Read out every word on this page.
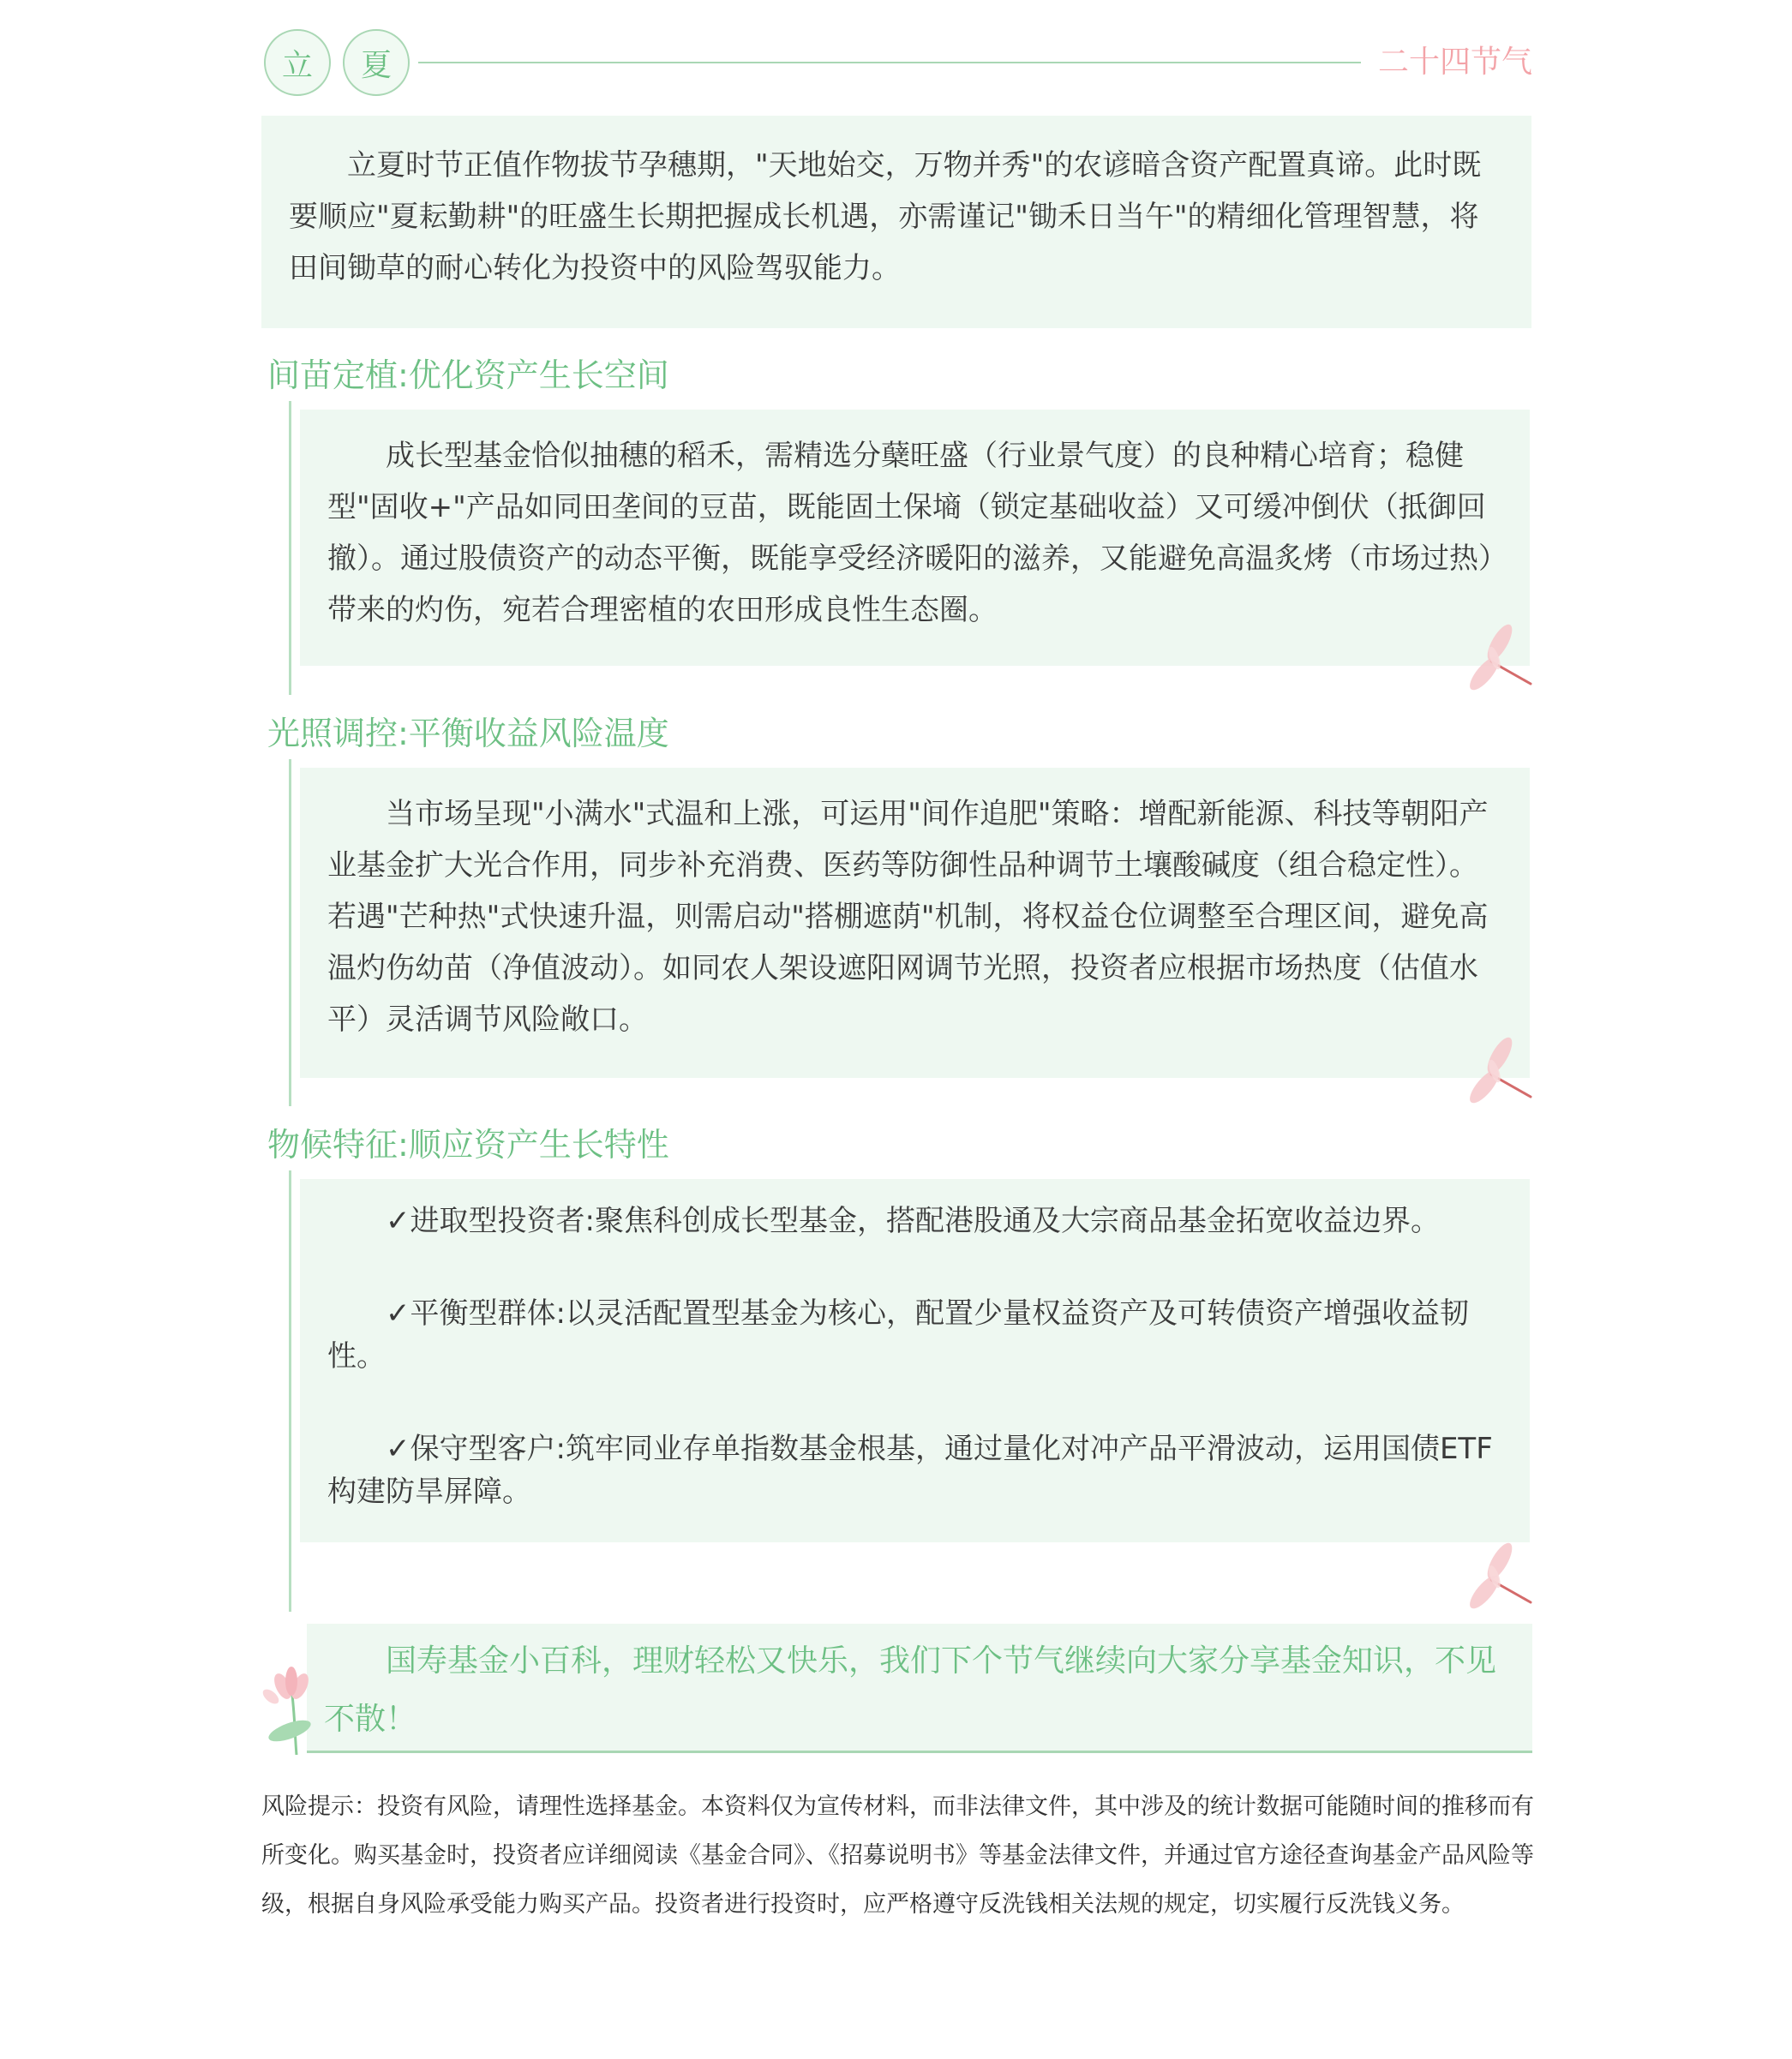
立	夏	二十四节气
立夏时节正值作物拔节孕穗期，"天地始交，万物并秀"的农谚暗含资产配置真谛。此时既要顺应"夏耘勤耕"的旺盛生长期把握成长机遇，亦需谨记"锄禾日当午"的精细化管理智慧，将田间锄草的耐心转化为投资中的风险驾驭能力。
间苗定植:优化资产生长空间

成长型基金恰似抽穗的稻禾，需精选分蘖旺盛（行业景气度）的良种精心培育；稳健型"固收+"产品如同田垄间的豆苗，既能固土保墒（锁定基础收益）又可缓冲倒伏（抵御回撤）。通过股债资产的动态平衡，既能享受经济暖阳的滋养，又能避免高温炙烤（市场过热）带来的灼伤，宛若合理密植的农田形成良性生态圈。

光照调控:平衡收益风险温度

当市场呈现"小满水"式温和上涨，可运用"间作追肥"策略：增配新能源、科技等朝阳产业基金扩大光合作用，同步补充消费、医药等防御性品种调节土壤酸碱度（组合稳定性）。若遇"芒种热"式快速升温，则需启动"搭棚遮荫"机制，将权益仓位调整至合理区间，避免高温灼伤幼苗（净值波动）。如同农人架设遮阳网调节光照，投资者应根据市场热度（估值水平）灵活调节风险敞口。

物候特征:顺应资产生长特性

✓进取型投资者:聚焦科创成长型基金，搭配港股通及大宗商品基金拓宽收益边界。

✓平衡型群体:以灵活配置型基金为核心，配置少量权益资产及可转债资产增强收益韧性。

✓保守型客户:筑牢同业存单指数基金根基，通过量化对冲产品平滑波动，运用国债ETF构建防旱屏障。

国寿基金小百科，理财轻松又快乐，我们下个节气继续向大家分享基金知识，不见不散！
风险提示：投资有风险，请理性选择基金。本资料仅为宣传材料，而非法律文件，其中涉及的统计数据可能随时间的推移而有所变化。购买基金时，投资者应详细阅读《基金合同》、《招募说明书》等基金法律文件，并通过官方途径查询基金产品风险等级，根据自身风险承受能力购买产品。投资者进行投资时，应严格遵守反洗钱相关法规的规定，切实履行反洗钱义务。
